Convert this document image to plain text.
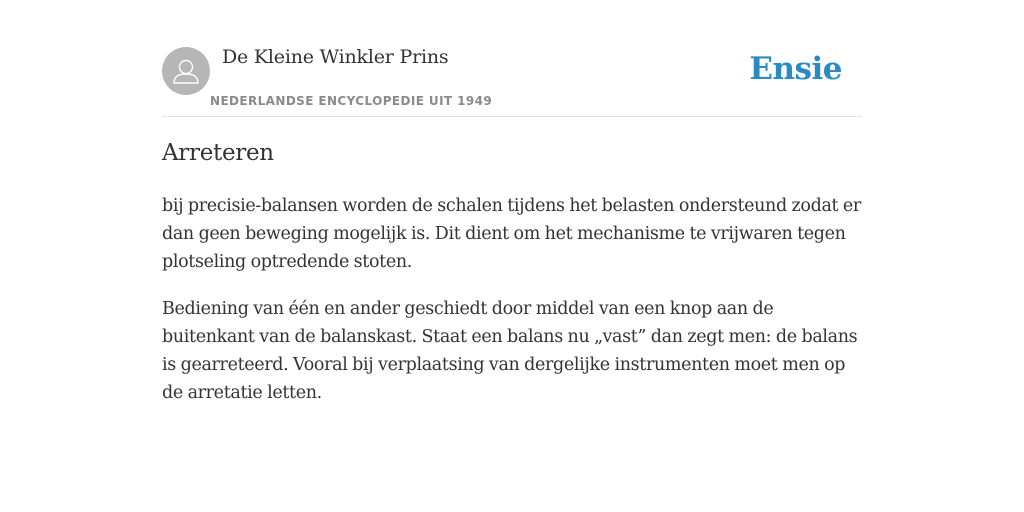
De Kleine Winkler Prins
NEDERLANDSE ENCYCLOPEDIE UIT 1949
Ensie
Arreteren

bij precisie-balansen worden de schalen tijdens het belasten ondersteund zodat er dan geen beweging mogelijk is. Dit dient om het mechanisme te vrijwaren tegen plotseling optredende stoten.

Bediening van één en ander geschiedt door middel van een knop aan de buitenkant van de balanskast. Staat een balans nu „vast” dan zegt men: de balans is gearreteerd. Vooral bij verplaatsing van dergelijke instrumenten moet men op de arretatie letten.
